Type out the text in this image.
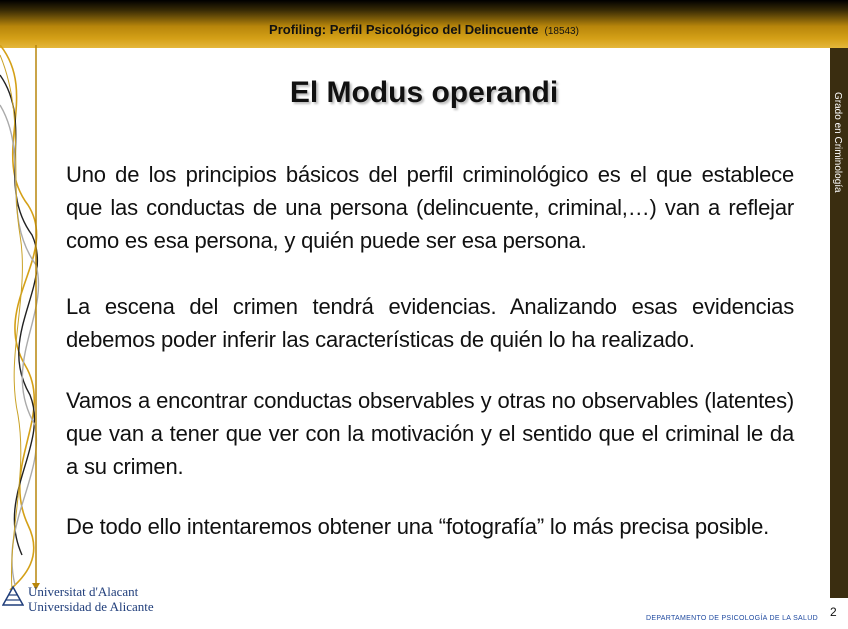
Profiling: Perfil Psicológico del Delincuente (18543)
Grado en Criminología
El Modus operandi

Uno de los principios básicos del perfil criminológico es el que establece que las conductas de una persona (delincuente, criminal,…) van a reflejar como es esa persona, y quién puede ser esa persona.

La escena del crimen tendrá evidencias. Analizando esas evidencias debemos poder inferir las características de quién lo ha realizado.

Vamos a encontrar conductas observables y otras no observables (latentes) que van a tener que ver con la motivación y el sentido que el criminal le da a su crimen.

De todo ello intentaremos obtener una “fotografía” lo más precisa posible.

Universitat d'Alacant
Universidad de Alicante
DEPARTAMENTO DE PSICOLOGÍA DE LA SALUD 2
